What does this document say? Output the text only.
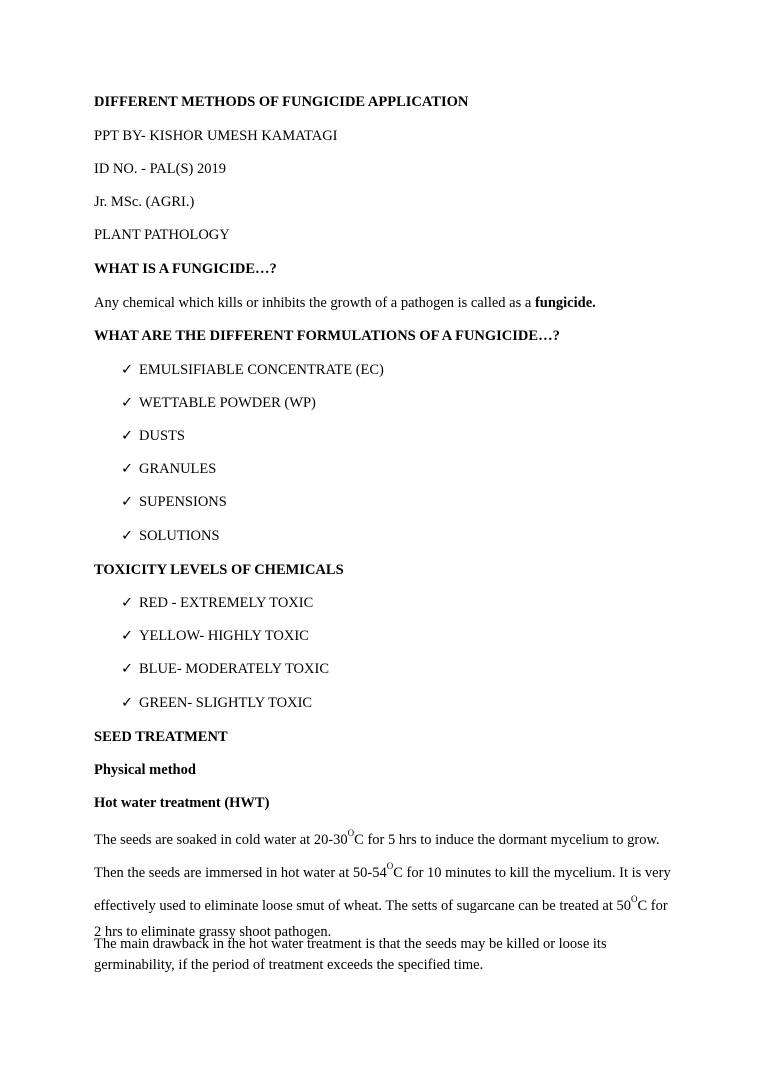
DIFFERENT METHODS OF FUNGICIDE APPLICATION
PPT BY- KISHOR UMESH KAMATAGI
ID NO. - PAL(S) 2019
Jr. MSc. (AGRI.)
PLANT PATHOLOGY
WHAT IS A FUNGICIDE…?
Any chemical which kills or inhibits the growth of a pathogen is called as a fungicide.
WHAT ARE THE DIFFERENT FORMULATIONS OF A FUNGICIDE…?
✓ EMULSIFIABLE CONCENTRATE (EC)
✓ WETTABLE POWDER (WP)
✓ DUSTS
✓ GRANULES
✓ SUPENSIONS
✓ SOLUTIONS
TOXICITY LEVELS OF CHEMICALS
✓ RED - EXTREMELY TOXIC
✓ YELLOW- HIGHLY TOXIC
✓ BLUE- MODERATELY TOXIC
✓ GREEN- SLIGHTLY TOXIC
SEED TREATMENT
Physical method
Hot water treatment (HWT)
The seeds are soaked in cold water at $20-30^OC$ for 5 hrs to induce the dormant mycelium to grow. Then the seeds are immersed in hot water at $50-54^OC$ for 10 minutes to kill the mycelium. It is very effectively used to eliminate loose smut of wheat. The setts of sugarcane can be treated at $50^OC$ for 2 hrs to eliminate grassy shoot pathogen.
The main drawback in the hot water treatment is that the seeds may be killed or loose its germinability, if the period of treatment exceeds the specified time.
